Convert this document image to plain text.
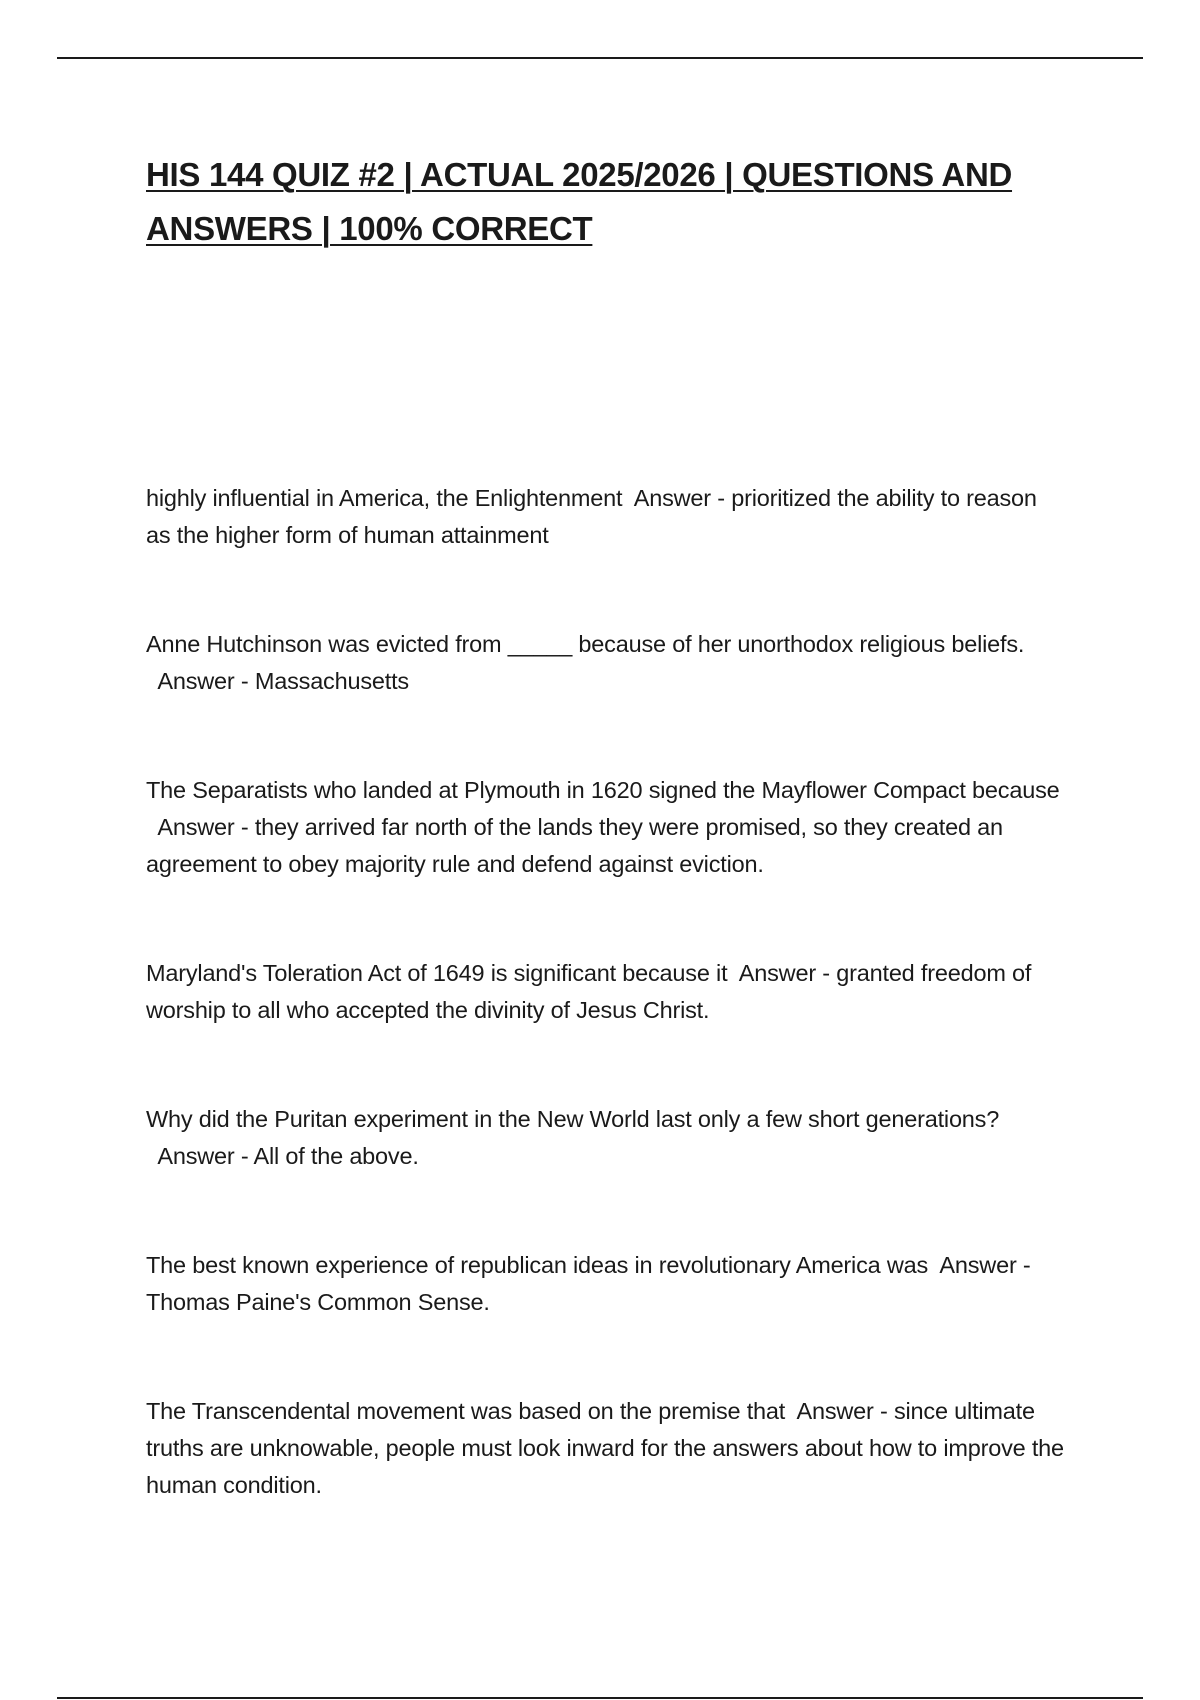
HIS 144 QUIZ #2 | ACTUAL 2025/2026 | QUESTIONS AND ANSWERS | 100% CORRECT

highly influential in America, the Enlightenment Answer - prioritized the ability to reason as the higher form of human attainment

Anne Hutchinson was evicted from _____ because of her unorthodox religious beliefs.  Answer - Massachusetts

The Separatists who landed at Plymouth in 1620 signed the Mayflower Compact because  Answer - they arrived far north of the lands they were promised, so they created an agreement to obey majority rule and defend against eviction.

Maryland's Toleration Act of 1649 is significant because it Answer - granted freedom of worship to all who accepted the divinity of Jesus Christ.

Why did the Puritan experiment in the New World last only a few short generations?  Answer - All of the above.

The best known experience of republican ideas in revolutionary America was Answer - Thomas Paine's Common Sense.

The Transcendental movement was based on the premise that Answer - since ultimate truths are unknowable, people must look inward for the answers about how to improve the human condition.
